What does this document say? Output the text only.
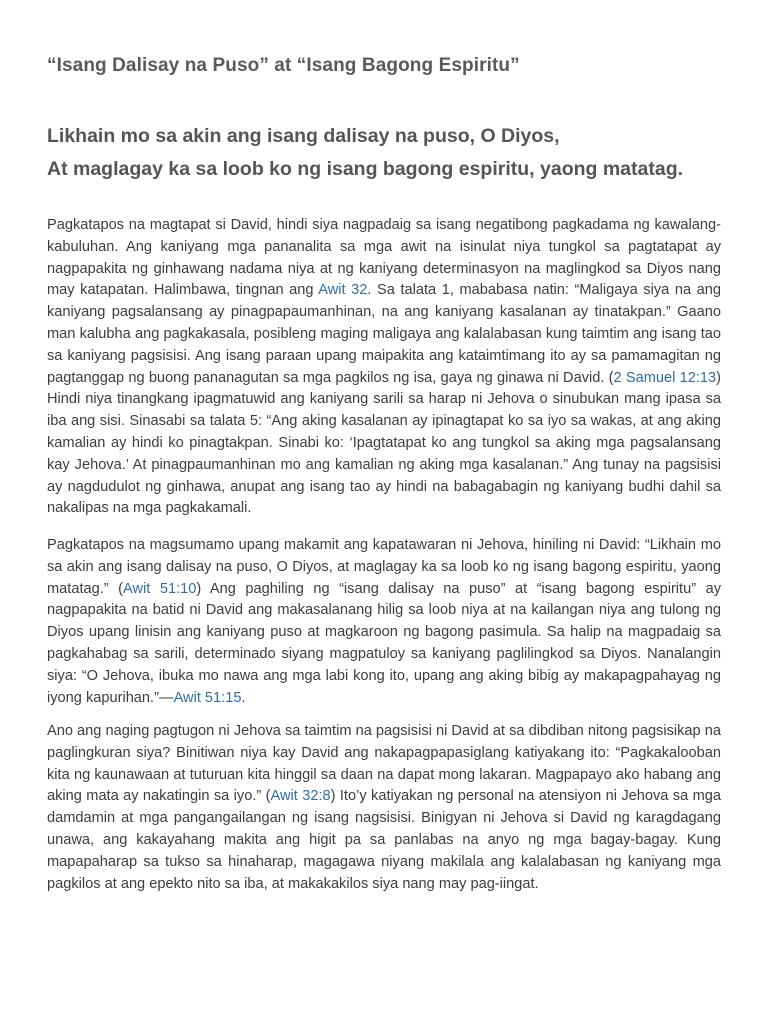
“Isang Dalisay na Puso” at “Isang Bagong Espiritu”

Likhain mo sa akin ang isang dalisay na puso, O Diyos,

At maglagay ka sa loob ko ng isang bagong espiritu, yaong matatag.

Pagkatapos na magtapat si David, hindi siya nagpadaig sa isang negatibong pagkadama ng kawalang-kabuluhan. Ang kaniyang mga pananalita sa mga awit na isinulat niya tungkol sa pagtatapat ay nagpapakita ng ginhawang nadama niya at ng kaniyang determinasyon na maglingkod sa Diyos nang may katapatan. Halimbawa, tingnan ang Awit 32. Sa talata 1, mababasa natin: “Maligaya siya na ang kaniyang pagsalansang ay pinagpapaumanhinan, na ang kaniyang kasalanan ay tinatakpan.” Gaano man kalubha ang pagkakasala, posibleng maging maligaya ang kalalabasan kung taimtim ang isang tao sa kaniyang pagsisisi. Ang isang paraan upang maipakita ang kataimtimang ito ay sa pamamagitan ng pagtanggap ng buong pananagutan sa mga pagkilos ng isa, gaya ng ginawa ni David. (2 Samuel 12:13) Hindi niya tinangkang ipagmatuwid ang kaniyang sarili sa harap ni Jehova o sinubukan mang ipasa sa iba ang sisi. Sinasabi sa talata 5: “Ang aking kasalanan ay ipinagtapat ko sa iyo sa wakas, at ang aking kamalian ay hindi ko pinagtakpan. Sinabi ko: ‘Ipagtatapat ko ang tungkol sa aking mga pagsalansang kay Jehova.’ At pinagpaumanhinan mo ang kamalian ng aking mga kasalanan.” Ang tunay na pagsisisi ay nagdudulot ng ginhawa, anupat ang isang tao ay hindi na babagabagin ng kaniyang budhi dahil sa nakalipas na mga pagkakamali.

Pagkatapos na magsumamo upang makamit ang kapatawaran ni Jehova, hiniling ni David: “Likhain mo sa akin ang isang dalisay na puso, O Diyos, at maglagay ka sa loob ko ng isang bagong espiritu, yaong matatag.” (Awit 51:10) Ang paghiling ng “isang dalisay na puso” at “isang bagong espiritu” ay nagpapakita na batid ni David ang makasalanang hilig sa loob niya at na kailangan niya ang tulong ng Diyos upang linisin ang kaniyang puso at magkaroon ng bagong pasimula. Sa halip na magpadaig sa pagkahabag sa sarili, determinado siyang magpatuloy sa kaniyang paglilingkod sa Diyos. Nanalangin siya: “O Jehova, ibuka mo nawa ang mga labi kong ito, upang ang aking bibig ay makapagpahayag ng iyong kapurihan.”—Awit 51:15.

Ano ang naging pagtugon ni Jehova sa taimtim na pagsisisi ni David at sa dibdiban nitong pagsisikap na paglingkuran siya? Binitiwan niya kay David ang nakapagpapasiglang katiyakang ito: “Pagkakalooban kita ng kaunawaan at tuturuan kita hinggil sa daan na dapat mong lakaran. Magpapayo ako habang ang aking mata ay nakatingin sa iyo.” (Awit 32:8) Ito’y katiyakan ng personal na atensiyon ni Jehova sa mga damdamin at mga pangangailangan ng isang nagsisisi. Binigyan ni Jehova si David ng karagdagang unawa, ang kakayahang makita ang higit pa sa panlabas na anyo ng mga bagay-bagay. Kung mapapaharap sa tukso sa hinaharap, magagawa niyang makilala ang kalalabasan ng kaniyang mga pagkilos at ang epekto nito sa iba, at makakakilos siya nang may pag-iingat.
